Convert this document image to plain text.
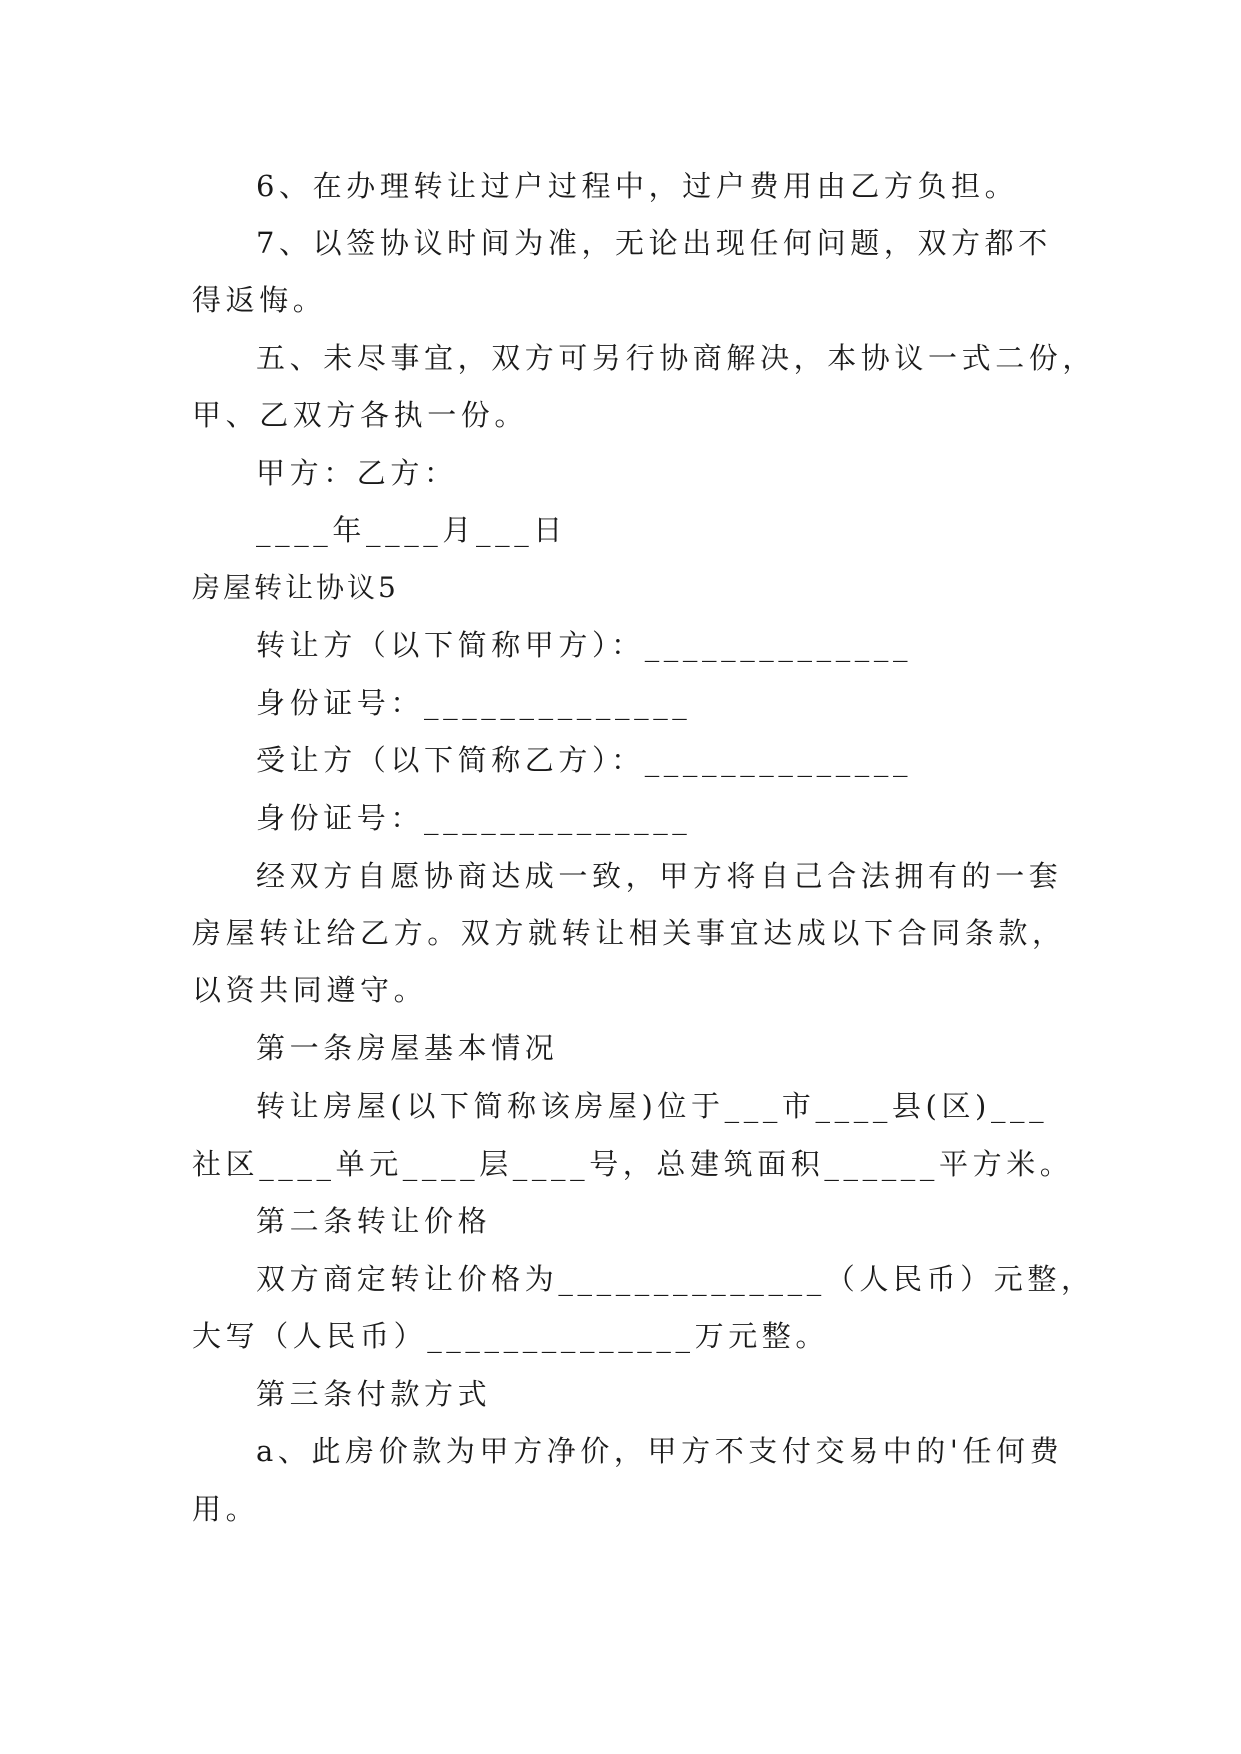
6、在办理转让过户过程中，过户费用由乙方负担。
7、以签协议时间为准，无论出现任何问题，双方都不
得返悔。
五、未尽事宜，双方可另行协商解决，本协议一式二份，
甲、乙双方各执一份。
甲方：乙方：
____年____月___日
房屋转让协议5
转让方（以下简称甲方）：______________
身份证号：______________
受让方（以下简称乙方）：______________
身份证号：______________
经双方自愿协商达成一致，甲方将自己合法拥有的一套
房屋转让给乙方。双方就转让相关事宜达成以下合同条款，
以资共同遵守。
第一条房屋基本情况
转让房屋(以下简称该房屋)位于___市____县(区)___
社区____单元____层____号，总建筑面积______平方米。
第二条转让价格
双方商定转让价格为______________（人民币）元整，
大写（人民币）______________万元整。
第三条付款方式
a、此房价款为甲方净价，甲方不支付交易中的'任何费
用。
